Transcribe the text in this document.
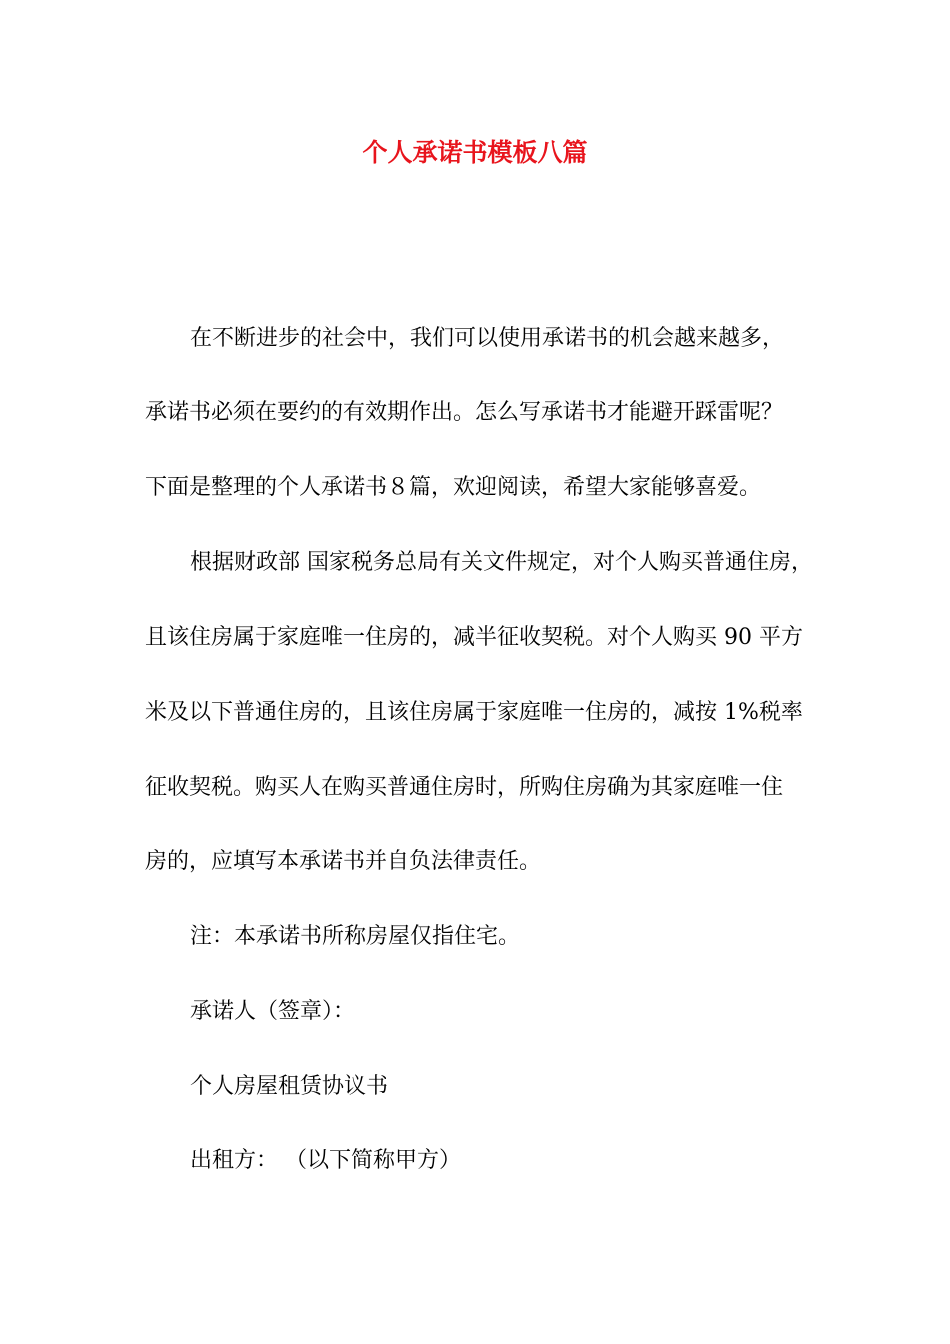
个人承诺书模板八篇

在不断进步的社会中，我们可以使用承诺书的机会越来越多，

承诺书必须在要约的有效期作出。怎么写承诺书才能避开踩雷呢？

下面是整理的个人承诺书８篇，欢迎阅读，希望大家能够喜爱。

根据财政部 国家税务总局有关文件规定，对个人购买普通住房，

且该住房属于家庭唯一住房的，减半征收契税。对个人购买 90 平方

米及以下普通住房的，且该住房属于家庭唯一住房的，减按 1%税率

征收契税。购买人在购买普通住房时，所购住房确为其家庭唯一住

房的，应填写本承诺书并自负法律责任。

注：本承诺书所称房屋仅指住宅。

承诺人（签章）：

个人房屋租赁协议书

出租方： （以下简称甲方）
